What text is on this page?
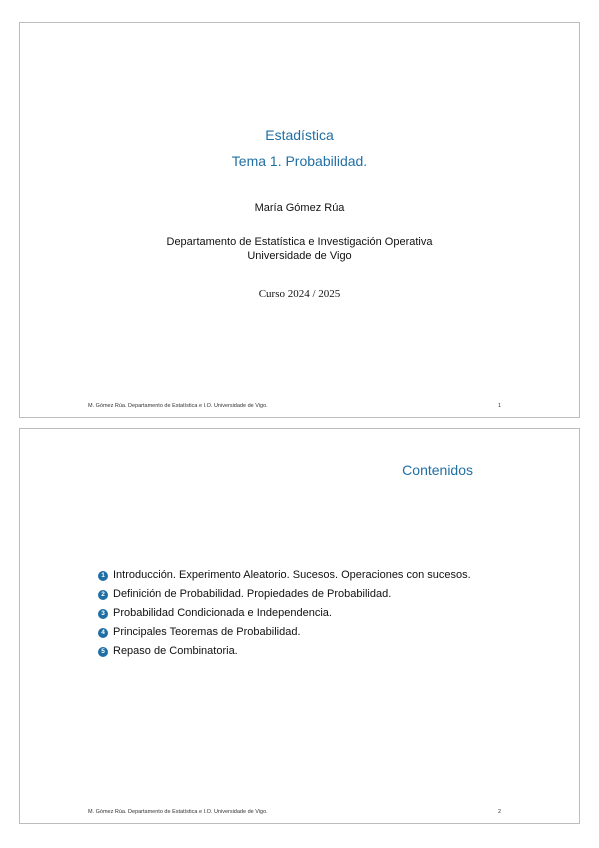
Estadística
Tema 1. Probabilidad.
María Gómez Rúa
Departamento de Estatística e Investigación Operativa
Universidade de Vigo
Curso 2024 / 2025
M. Gómez Rúa. Departamento de Estatística e I.O. Universidade de Vigo.	1
Contenidos
1 Introducción. Experimento Aleatorio. Sucesos. Operaciones con sucesos.
2 Definición de Probabilidad. Propiedades de Probabilidad.
3 Probabilidad Condicionada e Independencia.
4 Principales Teoremas de Probabilidad.
5 Repaso de Combinatoria.
M. Gómez Rúa. Departamento de Estatística e I.O. Universidade de Vigo.	2
